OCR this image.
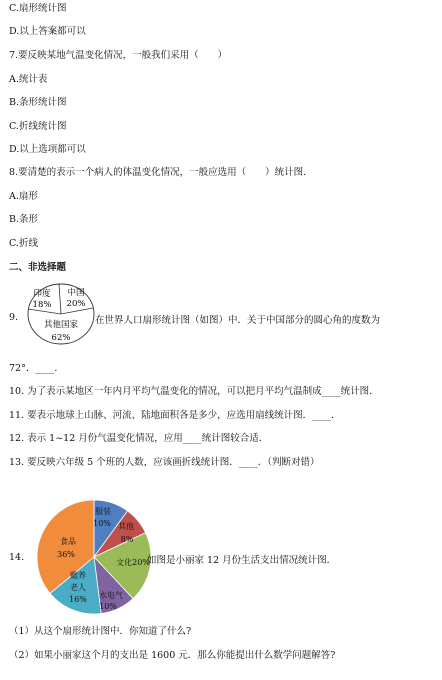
C.扇形统计图
D.以上答案都可以
7.要反映某地气温变化情况，一般我们采用（　　）
A.统计表
B.条形统计图
C.折线统计图
D.以上选项都可以
8.要清楚的表示一个病人的体温变化情况，一般应选用（　　）统计图.
A.扇形
B.条形
C.折线
二、非选择题
9.
印度
18%
中国
20%
其他国家
62%
在世界人口扇形统计图（如图）中．关于中国部分的圆心角的度数为
72°．____．
10. 为了表示某地区一年内月平均气温变化的情况，可以把月平均气温制成____统计图.
11. 要表示地球上山脉、河流、陆地面积各是多少，应选用扇线统计图．____．
12. 表示 1~12 月份气温变化情况，应用____统计图较合适．
13. 要反映六年级 5 个班的人数，应该画折线统计图．____．（判断对错）
14.
服装
10% 其他
8%
文化20%
水电气
10%
赡养
老人
16%
食品
36%
如图是小丽家 12 月份生活支出情况统计图．
（1）从这个扇形统计图中．你知道了什么?
（2）如果小丽家这个月的支出是 1600 元．那么你能提出什么数学问题解答?
